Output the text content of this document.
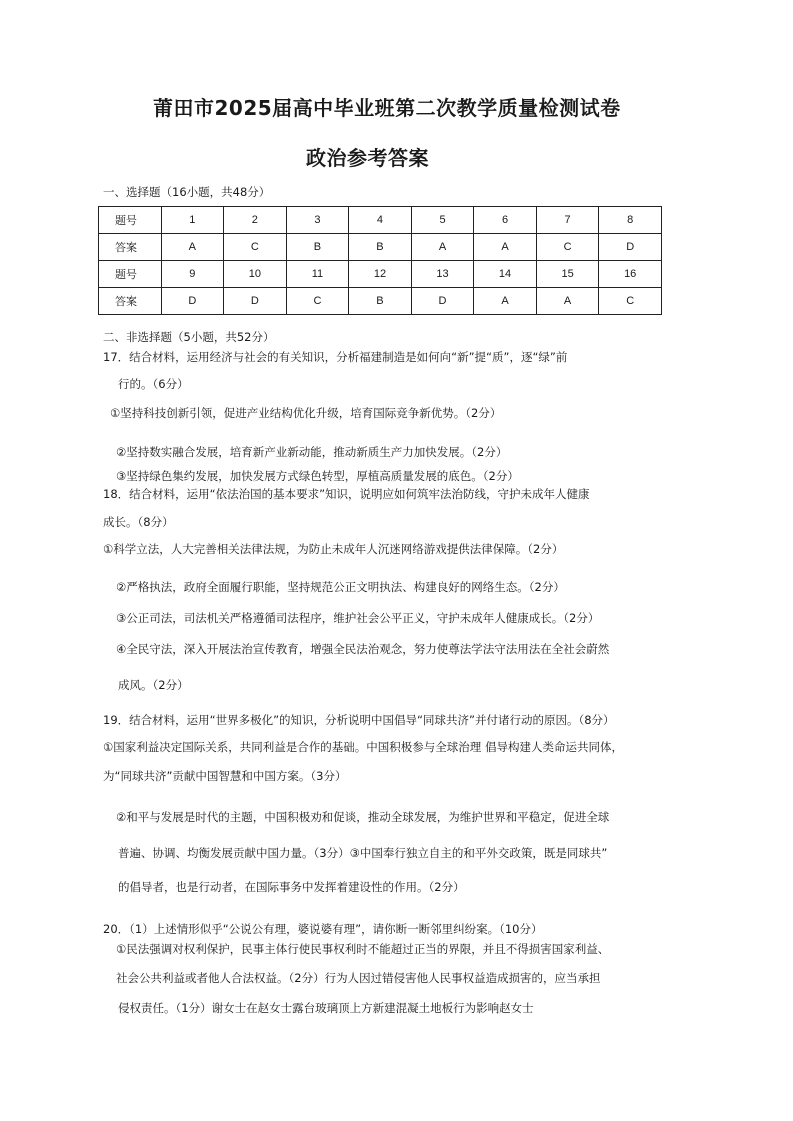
莆田市2025届高中毕业班第二次教学质量检测试卷
政治参考答案
一、选择题（16小题，共48分）
题号	1	2	3	4	5	6	7	8
答案	A	C	B	B	A	A	C	D
题号	9	10	11	12	13	14	15	16
答案	D	D	C	B	D	A	A	C
二、非选择题（5小题，共52分）
17．结合材料，运用经济与社会的有关知识，分析福建制造是如何向“新”提“质”，逐“绿”前
行的。（6分）
①坚持科技创新引领，促进产业结构优化升级，培育国际竞争新优势。（2分）
②坚持数实融合发展，培育新产业新动能，推动新质生产力加快发展。（2分）
③坚持绿色集约发展，加快发展方式绿色转型，厚植高质量发展的底色。（2分）
18．结合材料，运用“依法治国的基本要求”知识，说明应如何筑牢法治防线，守护未成年人健康
成长。（8分）
①科学立法，人大完善相关法律法规，为防止未成年人沉迷网络游戏提供法律保障。（2分）
②严格执法，政府全面履行职能，坚持规范公正文明执法、构建良好的网络生态。（2分）
③公正司法，司法机关严格遵循司法程序，维护社会公平正义，守护未成年人健康成长。（2分）
④全民守法，深入开展法治宣传教育，增强全民法治观念，努力使尊法学法守法用法在全社会蔚然
成风。（2分）
19．结合材料，运用“世界多极化”的知识，分析说明中国倡导“同球共济”并付诸行动的原因。（8分）
①国家利益决定国际关系，共同利益是合作的基础。中国积极参与全球治理 倡导构建人类命运共同体，
为“同球共济”贡献中国智慧和中国方案。（3分）
②和平与发展是时代的主题，中国积极劝和促谈，推动全球发展，为维护世界和平稳定，促进全球
普遍、协调、均衡发展贡献中国力量。（3分）③中国奉行独立自主的和平外交政策，既是同球共”
的倡导者，也是行动者，在国际事务中发挥着建设性的作用。（2分）
20．（1）上述情形似乎“公说公有理，婆说婆有理”，请你断一断邻里纠纷案。（10分）
①民法强调对权利保护，民事主体行使民事权利时不能超过正当的界限，并且不得损害国家利益、
社会公共利益或者他人合法权益。（2分）行为人因过错侵害他人民事权益造成损害的，应当承担
侵权责任。（1分）谢女士在赵女士露台玻璃顶上方新建混凝土地板行为影响赵女士
